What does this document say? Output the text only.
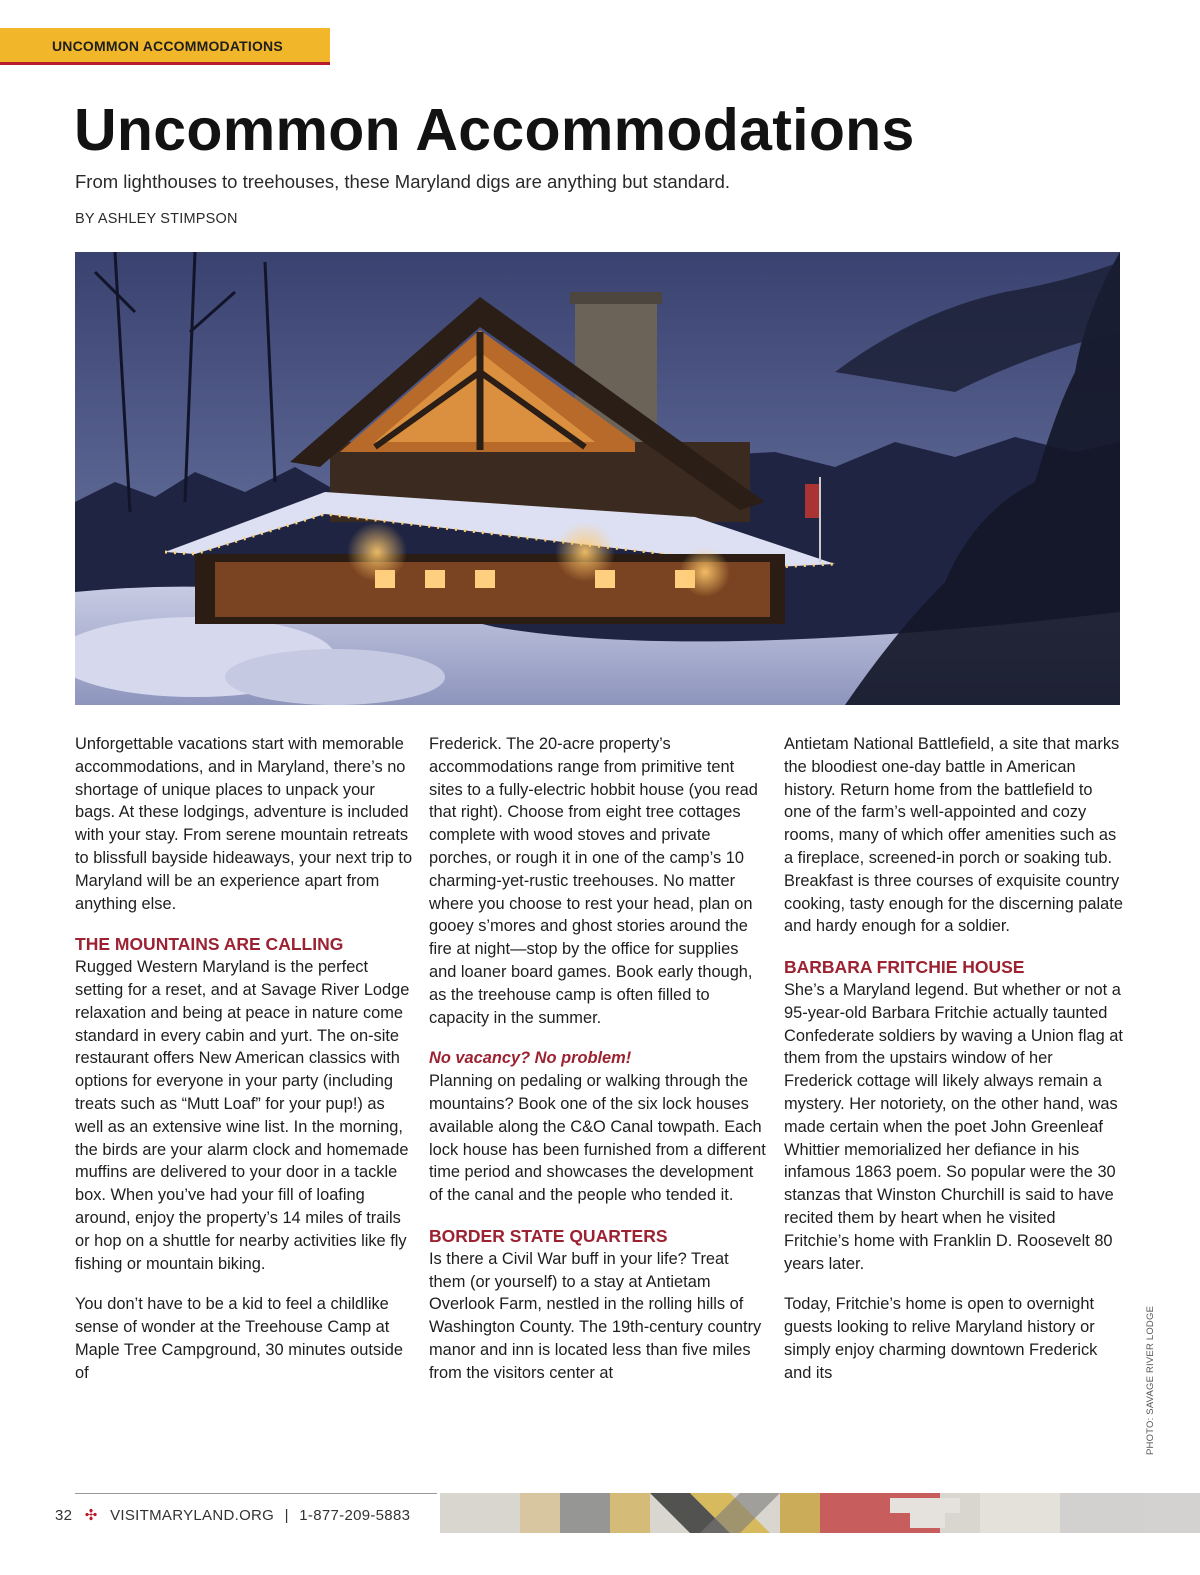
UNCOMMON ACCOMMODATIONS
Uncommon Accommodations

From lighthouses to treehouses, these Maryland digs are anything but standard.

BY ASHLEY STIMPSON

Unforgettable vacations start with memorable accommodations, and in Maryland, there’s no shortage of unique places to unpack your bags. At these lodgings, adventure is included with your stay. From serene mountain retreats to blissfull bayside hideaways, your next trip to Maryland will be an experience apart from anything else.

THE MOUNTAINS ARE CALLING

Rugged Western Maryland is the perfect setting for a reset, and at Savage River Lodge relaxation and being at peace in nature come standard in every cabin and yurt. The on-site restaurant offers New American classics with options for everyone in your party (including treats such as “Mutt Loaf” for your pup!) as well as an extensive wine list. In the morning, the birds are your alarm clock and homemade muffins are delivered to your door in a tackle box. When you’ve had your fill of loafing around, enjoy the property’s 14 miles of trails or hop on a shuttle for nearby activities like fly fishing or mountain biking.

You don’t have to be a kid to feel a childlike sense of wonder at the Treehouse Camp at Maple Tree Campground, 30 minutes outside of

Frederick. The 20-acre property’s accommodations range from primitive tent sites to a fully-electric hobbit house (you read that right). Choose from eight tree cottages complete with wood stoves and private porches, or rough it in one of the camp’s 10 charming-yet-rustic treehouses. No matter where you choose to rest your head, plan on gooey s’mores and ghost stories around the fire at night—stop by the office for supplies and loaner board games. Book early though, as the treehouse camp is often filled to capacity in the summer.

No vacancy? No problem!

Planning on pedaling or walking through the mountains? Book one of the six lock houses available along the C&O Canal towpath. Each lock house has been furnished from a different time period and showcases the development of the canal and the people who tended it.

BORDER STATE QUARTERS

Is there a Civil War buff in your life? Treat them (or yourself) to a stay at Antietam Overlook Farm, nestled in the rolling hills of Washington County. The 19th-century country manor and inn is located less than five miles from the visitors center at

Antietam National Battlefield, a site that marks the bloodiest one-day battle in American history. Return home from the battlefield to one of the farm’s well-appointed and cozy rooms, many of which offer amenities such as a fireplace, screened-in porch or soaking tub. Breakfast is three courses of exquisite country cooking, tasty enough for the discerning palate and hardy enough for a soldier.

BARBARA FRITCHIE HOUSE

She’s a Maryland legend. But whether or not a 95-year-old Barbara Fritchie actually taunted Confederate soldiers by waving a Union flag at them from the upstairs window of her Frederick cottage will likely always remain a mystery. Her notoriety, on the other hand, was made certain when the poet John Greenleaf Whittier memorialized her defiance in his infamous 1863 poem. So popular were the 30 stanzas that Winston Churchill is said to have recited them by heart when he visited Fritchie’s home with Franklin D. Roosevelt 80 years later.

Today, Fritchie’s home is open to overnight guests looking to relive Maryland history or simply enjoy charming downtown Frederick and its	PHOTO: SAVAGE RIVER LODGE
32 ✣ VISITMARYLAND.ORG | 1-877-209-5883
